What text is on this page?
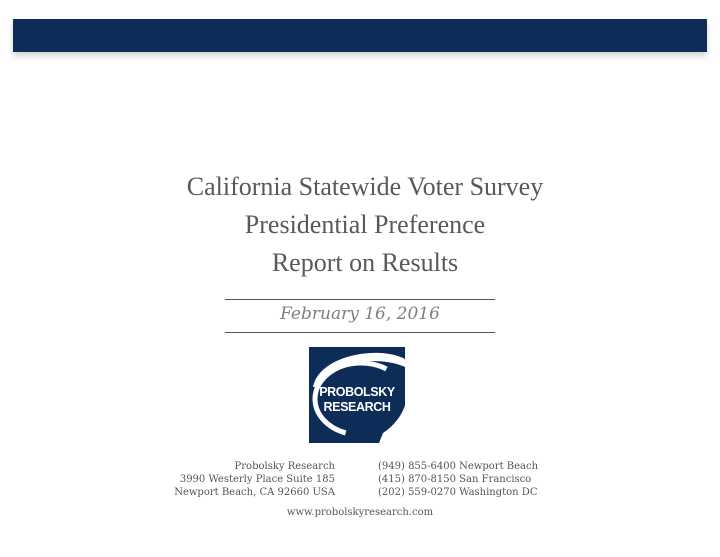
California Statewide Voter Survey
Presidential Preference
Report on Results
February 16, 2016
PROBOLSKY
RESEARCH
Probolsky Research
3990 Westerly Place Suite 185
Newport Beach, CA 92660 USA
(949) 855-6400 Newport Beach
(415) 870-8150 San Francisco
(202) 559-0270 Washington DC
www.probolskyresearch.com
